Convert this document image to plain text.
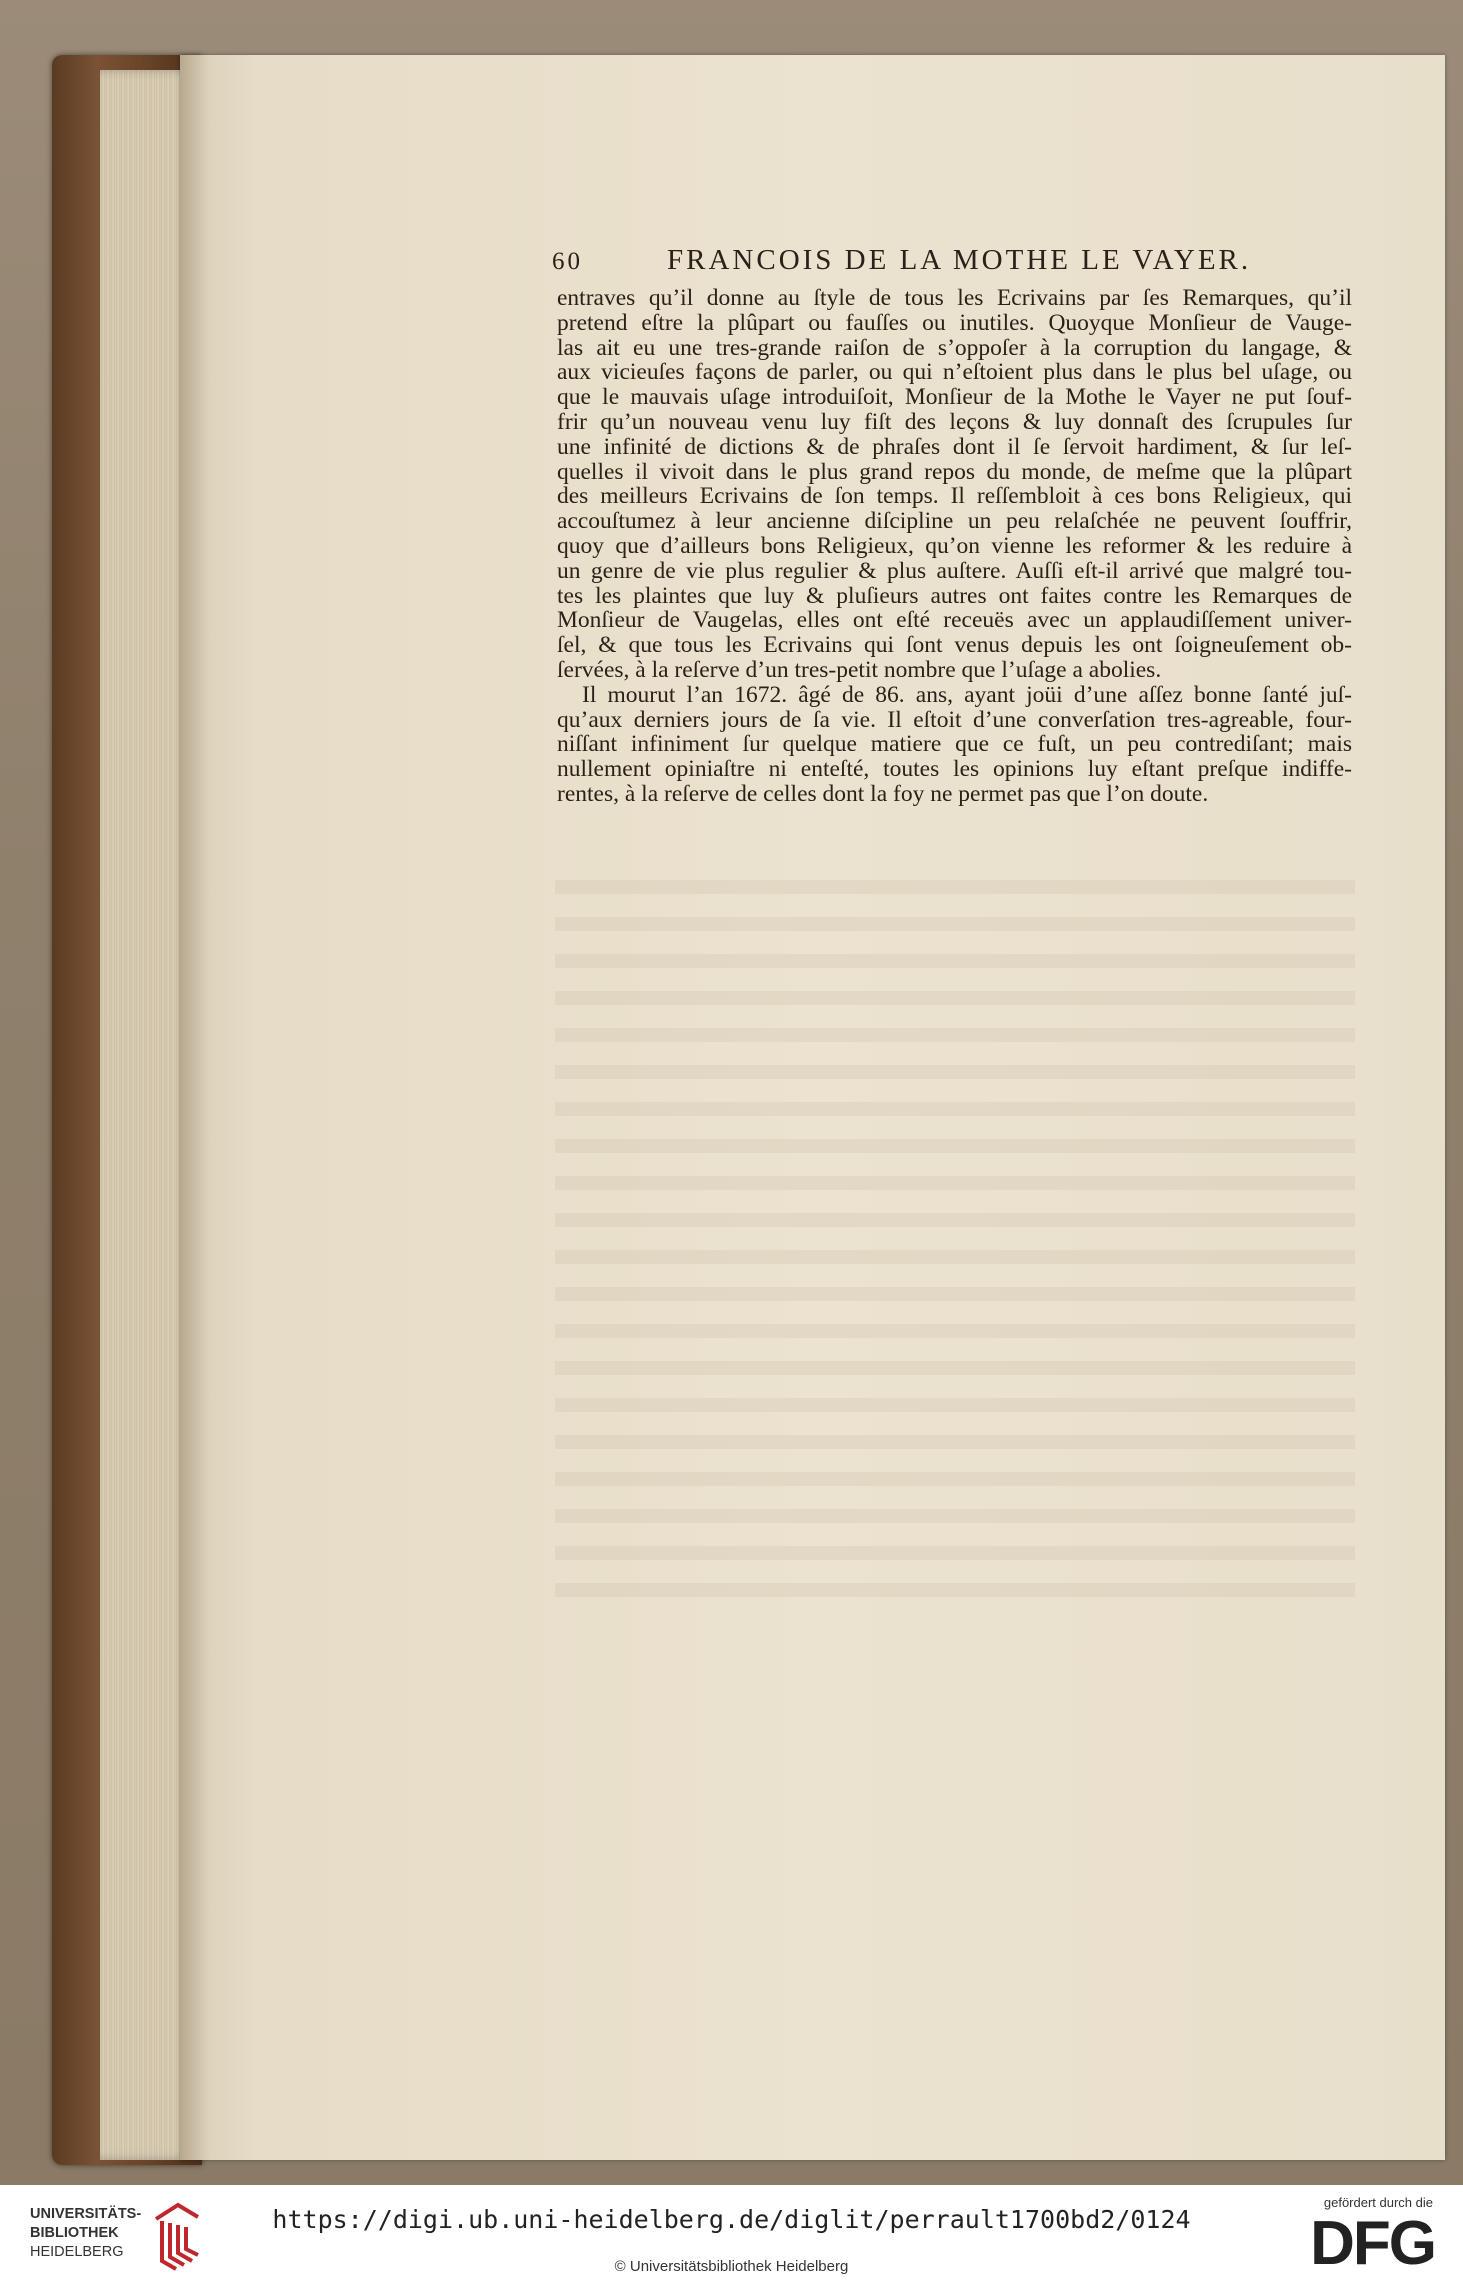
60	FRANCOIS DE LA MOTHE LE VAYER.
entraves qu’il donne au ſtyle de tous les Ecrivains par ſes Remarques, qu’il
pretend eſtre la plûpart ou fauſſes ou inutiles. Quoyque Monſieur de Vauge-
las ait eu une tres-grande raiſon de s’oppoſer à la corruption du langage, &
aux vicieuſes façons de parler, ou qui n’eſtoient plus dans le plus bel uſage, ou
que le mauvais uſage introduiſoit, Monſieur de la Mothe le Vayer ne put ſouf-
frir qu’un nouveau venu luy fiſt des leçons & luy donnaſt des ſcrupules ſur
une infinité de dictions & de phraſes dont il ſe ſervoit hardiment, & ſur leſ-
quelles il vivoit dans le plus grand repos du monde, de meſme que la plûpart
des meilleurs Ecrivains de ſon temps. Il reſſembloit à ces bons Religieux, qui
accouſtumez à leur ancienne diſcipline un peu relaſchée ne peuvent ſouffrir,
quoy que d’ailleurs bons Religieux, qu’on vienne les reformer & les reduire à
un genre de vie plus regulier & plus auſtere. Auſſi eſt-il arrivé que malgré tou-
tes les plaintes que luy & pluſieurs autres ont faites contre les Remarques de
Monſieur de Vaugelas, elles ont eſté receuës avec un applaudiſſement univer-
ſel, & que tous les Ecrivains qui ſont venus depuis les ont ſoigneuſement ob-
ſervées, à la reſerve d’un tres-petit nombre que l’uſage a abolies.
Il mourut l’an 1672. âgé de 86. ans, ayant joüi d’une aſſez bonne ſanté juſ-
qu’aux derniers jours de ſa vie. Il eſtoit d’une converſation tres-agreable, four-
niſſant infiniment ſur quelque matiere que ce fuſt, un peu contrediſant; mais
nullement opiniaſtre ni enteſté, toutes les opinions luy eſtant preſque indiffe-
rentes, à la reſerve de celles dont la foy ne permet pas que l’on doute.
UNIVERSITÄTS-
BIBLIOTHEK
HEIDELBERG
https://digi.ub.uni-heidelberg.de/diglit/perrault1700bd2/0124
© Universitätsbibliothek Heidelberg
gefördert durch die
DFG
